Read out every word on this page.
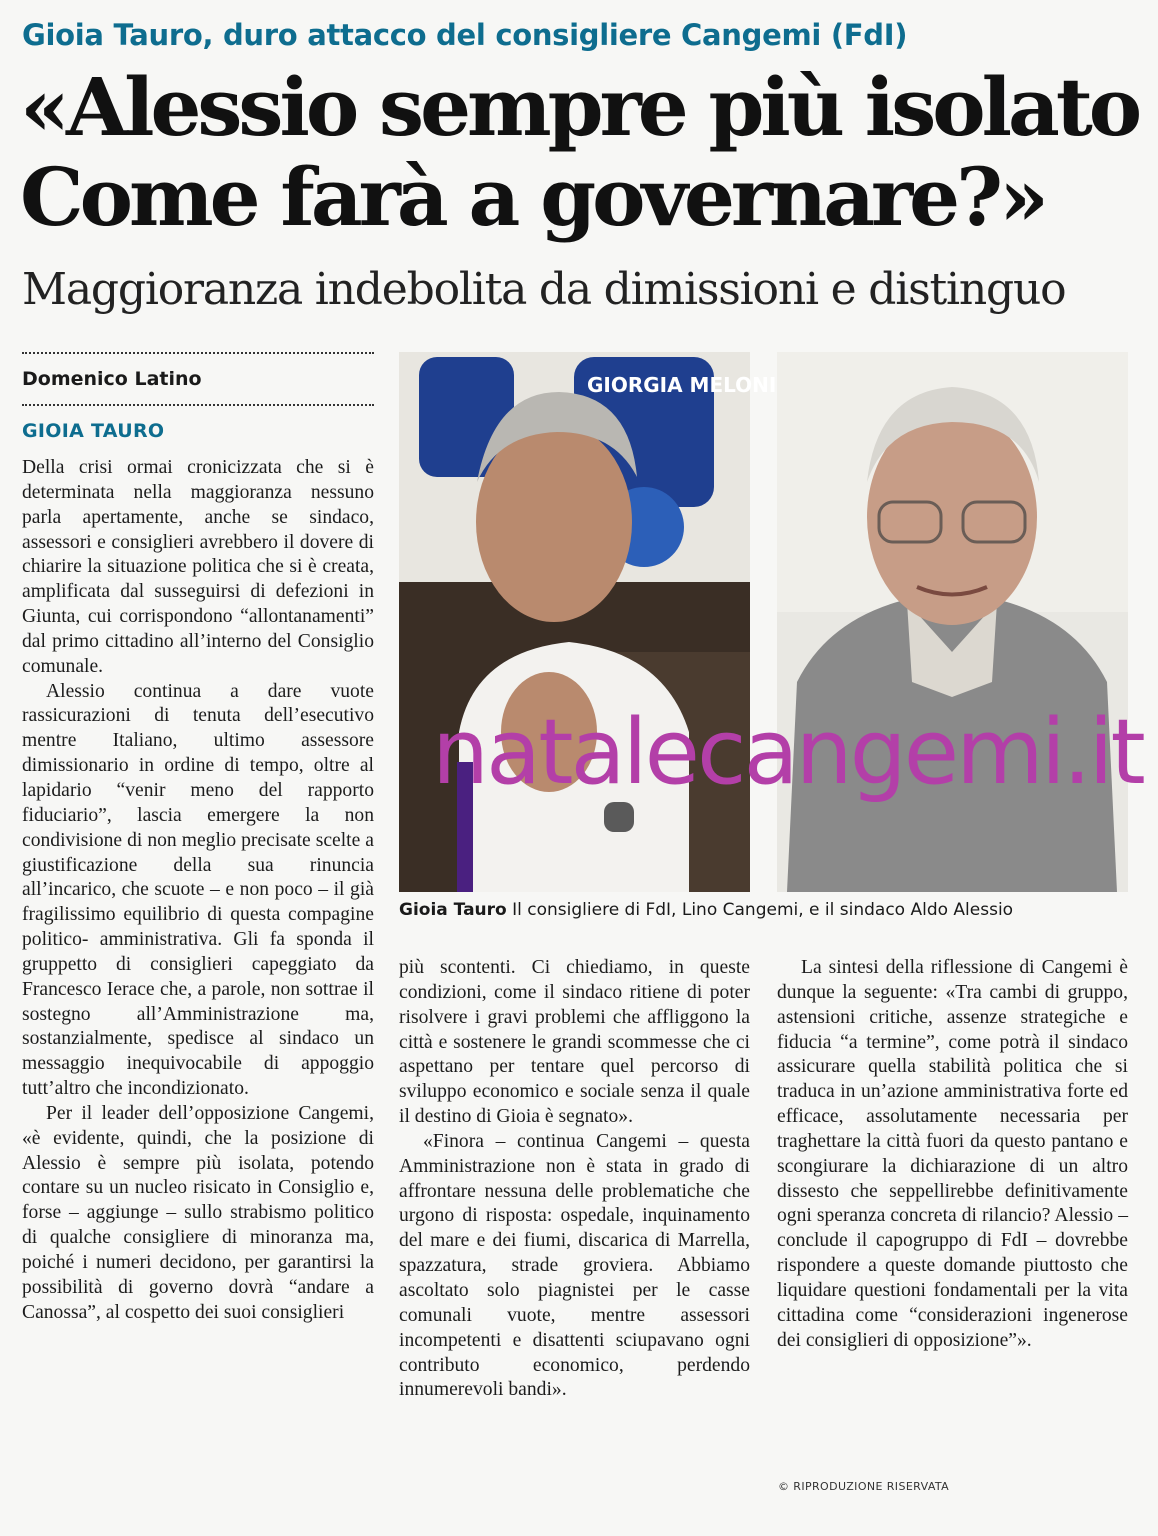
Gioia Tauro, duro attacco del consigliere Cangemi (FdI)
«Alessio sempre più isolato
Come farà a governare?»
Maggioranza indebolita da dimissioni e distinguo
Domenico Latino
GIOIA TAURO

Della crisi ormai cronicizzata che si è determinata nella maggioranza nessuno parla apertamente, anche se sindaco, assessori e consiglieri avrebbero il dovere di chiarire la situazione politica che si è creata, amplificata dal susseguirsi di defezioni in Giunta, cui corrispondono “allontanamenti” dal primo cittadino all’interno del Consiglio comunale.

Alessio continua a dare vuote rassicurazioni di tenuta dell’esecutivo mentre Italiano, ultimo assessore dimissionario in ordine di tempo, oltre al lapidario “venir meno del rapporto fiduciario”, lascia emergere la non condivisione di non meglio precisate scelte a giustificazione della sua rinuncia all’incarico, che scuote – e non poco – il già fragilissimo equilibrio di questa compagine politico- amministrativa. Gli fa sponda il gruppetto di consiglieri capeggiato da Francesco Ierace che, a parole, non sottrae il sostegno all’Amministrazione ma, sostanzialmente, spedisce al sindaco un messaggio inequivocabile di appoggio tutt’altro che incondizionato.

Per il leader dell’opposizione Cangemi, «è evidente, quindi, che la posizione di Alessio è sempre più isolata, potendo contare su un nucleo risicato in Consiglio e, forse – aggiunge – sullo strabismo politico di qualche consigliere di minoranza ma, poiché i numeri decidono, per garantirsi la possibilità di governo dovrà “andare a Canossa”, al cospetto dei suoi consiglieri

GIORGIA MELONI
Gioia Tauro Il consigliere di FdI, Lino Cangemi, e il sindaco Aldo Alessio
natalecangemi.it

più scontenti. Ci chiediamo, in queste condizioni, come il sindaco ritiene di poter risolvere i gravi problemi che affliggono la città e sostenere le grandi scommesse che ci aspettano per tentare quel percorso di sviluppo economico e sociale senza il quale il destino di Gioia è segnato».

«Finora – continua Cangemi – questa Amministrazione non è stata in grado di affrontare nessuna delle problematiche che urgono di risposta: ospedale, inquinamento del mare e dei fiumi, discarica di Marrella, spazzatura, strade groviera. Abbiamo ascoltato solo piagnistei per le casse comunali vuote, mentre assessori incompetenti e disattenti sciupavano ogni contributo economico, perdendo innumerevoli bandi».

La sintesi della riflessione di Cangemi è dunque la seguente: «Tra cambi di gruppo, astensioni critiche, assenze strategiche e fiducia “a termine”, come potrà il sindaco assicurare quella stabilità politica che si traduca in un’azione amministrativa forte ed efficace, assolutamente necessaria per traghettare la città fuori da questo pantano e scongiurare la dichiarazione di un altro dissesto che seppellirebbe definitivamente ogni speranza concreta di rilancio? Alessio – conclude il capogruppo di FdI – dovrebbe rispondere a queste domande piuttosto che liquidare questioni fondamentali per la vita cittadina come “considerazioni ingenerose dei consiglieri di opposizione”».

© RIPRODUZIONE RISERVATA
